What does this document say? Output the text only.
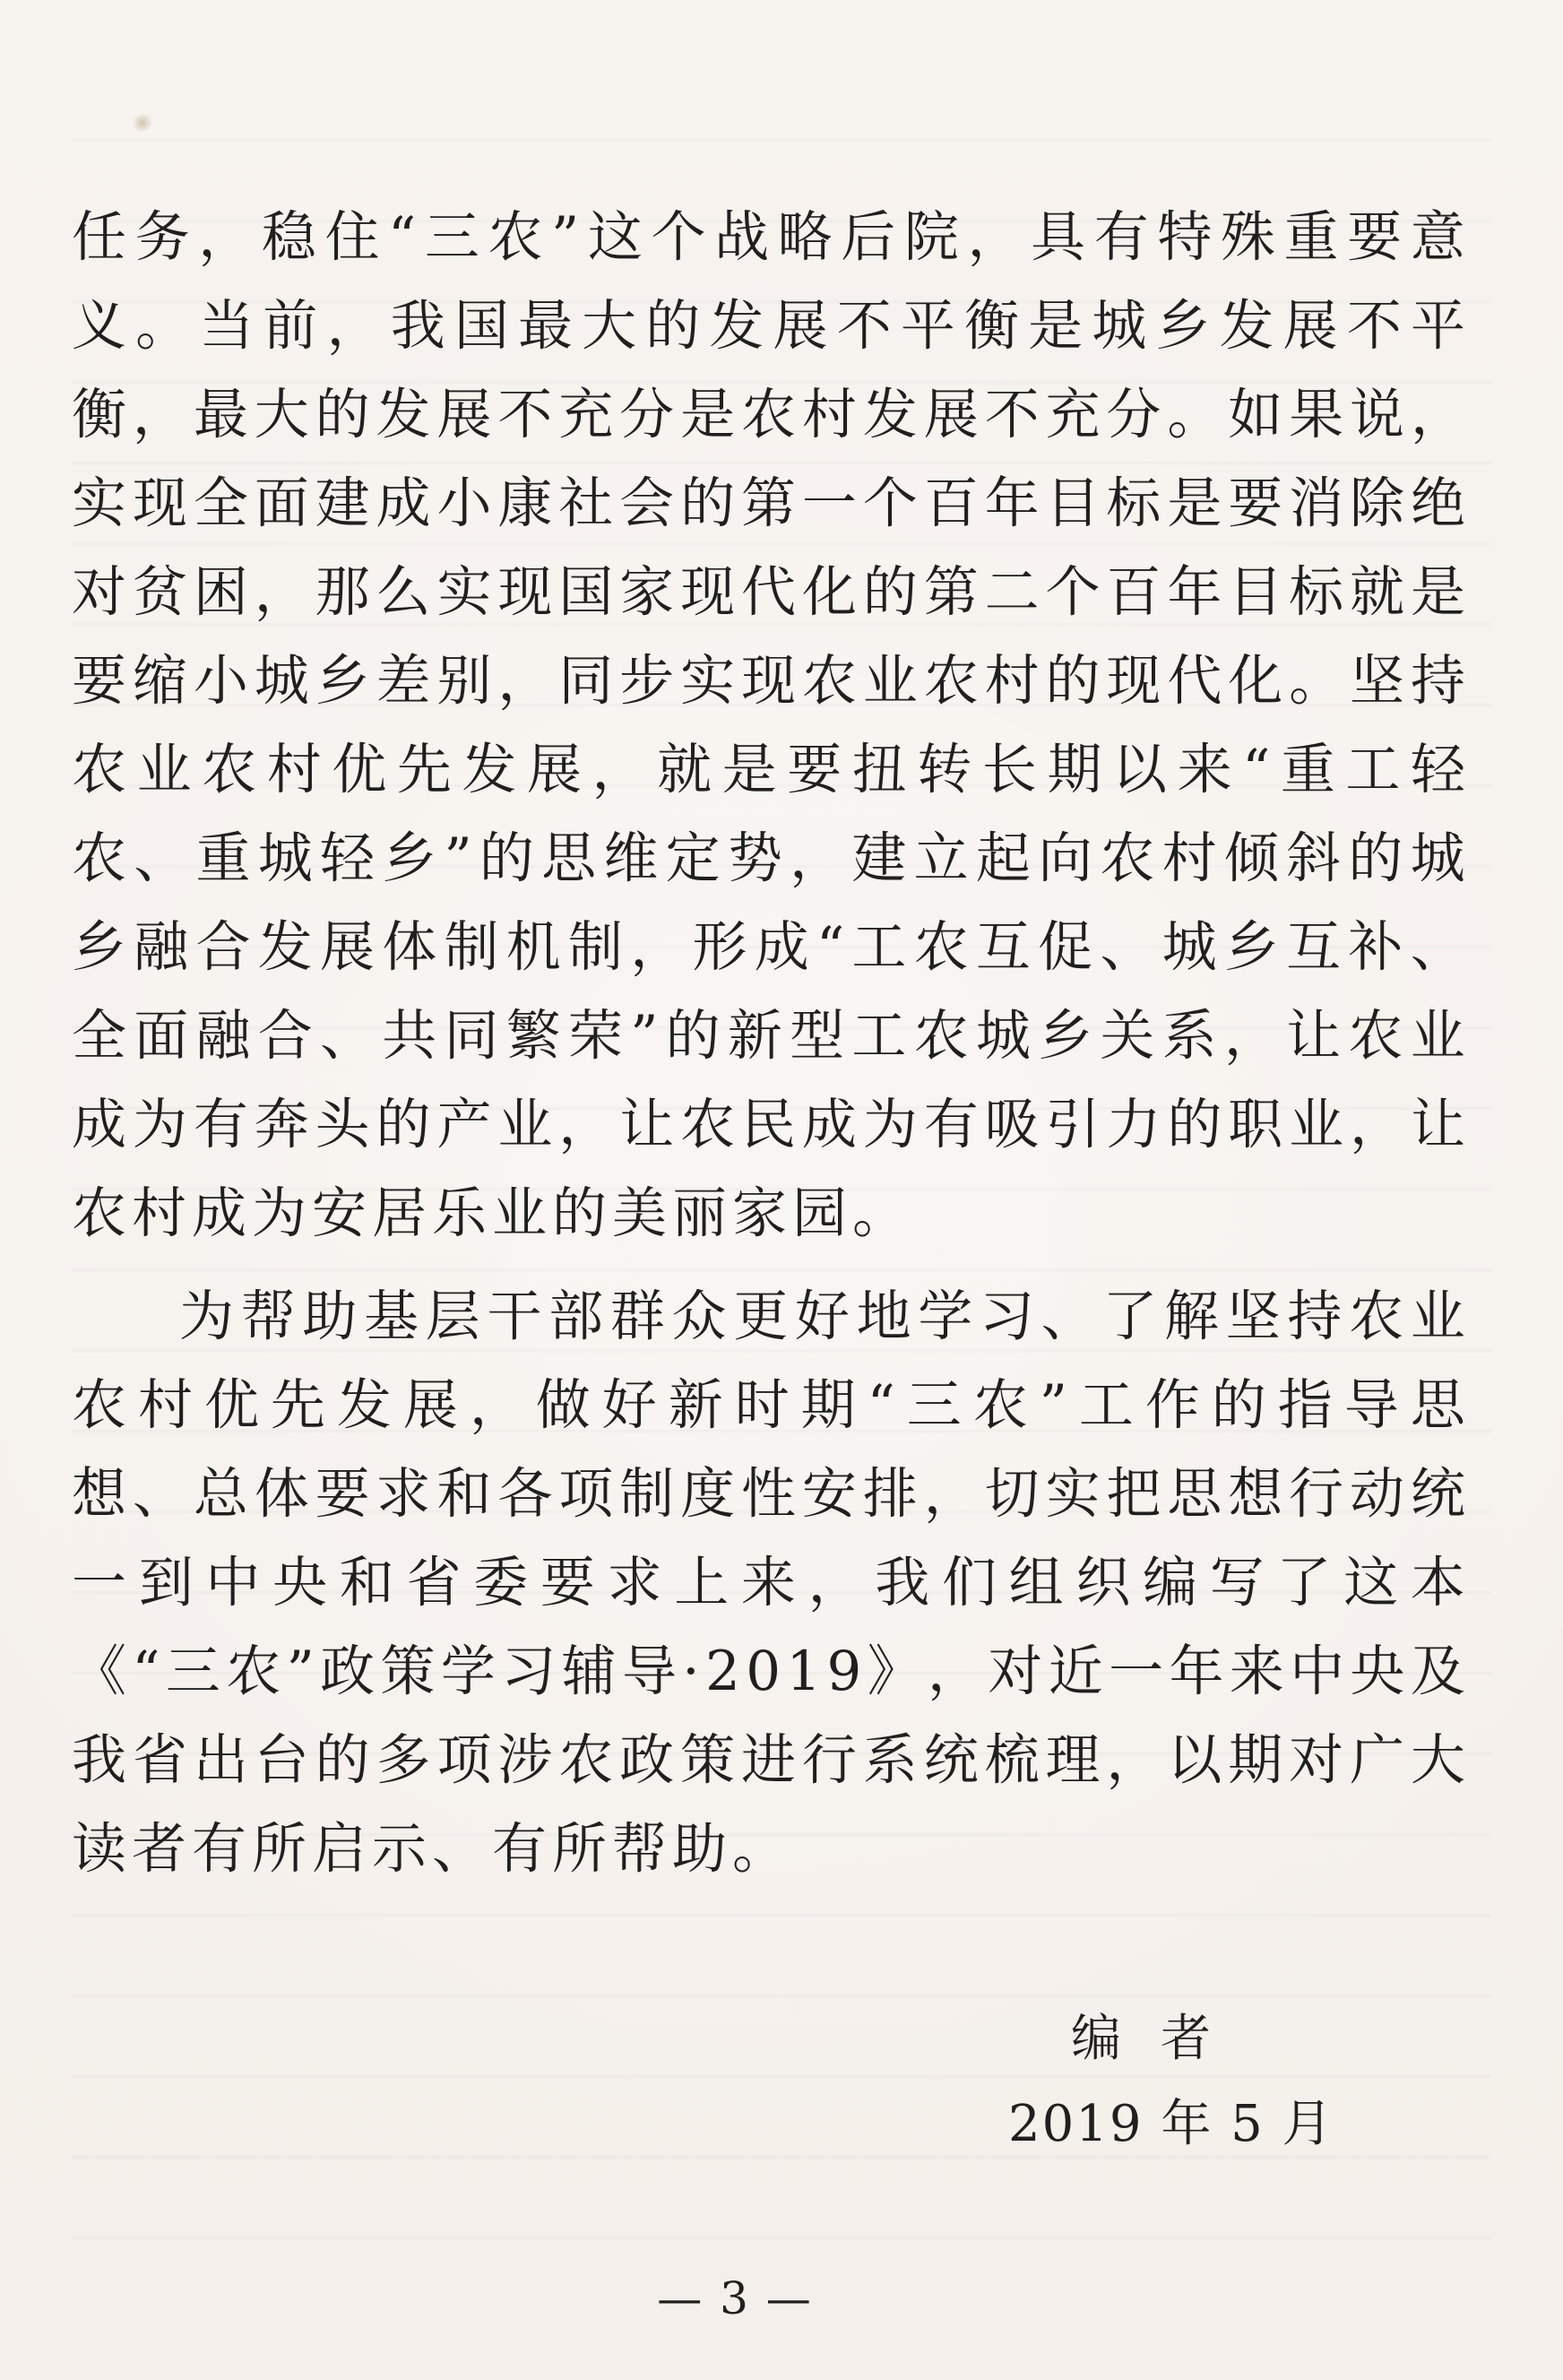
任 务 ， 稳 住 “ 三 农 ” 这 个 战 略 后 院 ， 具 有 特 殊 重 要 意
义 。 当 前 ， 我 国 最 大 的 发 展 不 平 衡 是 城 乡 发 展 不 平
衡 ， 最 大 的 发 展 不 充 分 是 农 村 发 展 不 充 分 。 如 果 说 ，
实 现 全 面 建 成 小 康 社 会 的 第 一 个 百 年 目 标 是 要 消 除 绝
对 贫 困 ， 那 么 实 现 国 家 现 代 化 的 第 二 个 百 年 目 标 就 是
要 缩 小 城 乡 差 别 ， 同 步 实 现 农 业 农 村 的 现 代 化 。 坚 持
农 业 农 村 优 先 发 展 ， 就 是 要 扭 转 长 期 以 来 “ 重 工 轻
农 、 重 城 轻 乡 ” 的 思 维 定 势 ， 建 立 起 向 农 村 倾 斜 的 城
乡 融 合 发 展 体 制 机 制 ， 形 成 “ 工 农 互 促 、 城 乡 互 补 、
全 面 融 合 、 共 同 繁 荣 ” 的 新 型 工 农 城 乡 关 系 ， 让 农 业
成 为 有 奔 头 的 产 业 ， 让 农 民 成 为 有 吸 引 力 的 职 业 ， 让
农村成为安居乐业的美丽家园。
为 帮 助 基 层 干 部 群 众 更 好 地 学 习 、 了 解 坚 持 农 业
农 村 优 先 发 展 ， 做 好 新 时 期 “ 三 农 ” 工 作 的 指 导 思
想 、 总 体 要 求 和 各 项 制 度 性 安 排 ， 切 实 把 思 想 行 动 统
一 到 中 央 和 省 委 要 求 上 来 ， 我 们 组 织 编 写 了 这 本
《 “ 三 农 ” 政 策 学 习 辅 导 · 2 0 1 9 》 ， 对 近 一 年 来 中 央 及
我 省 出 台 的 多 项 涉 农 政 策 进 行 系 统 梳 理 ， 以 期 对 广 大
读者有所启示、有所帮助。
编者
2019 年 5 月
— 3 —
